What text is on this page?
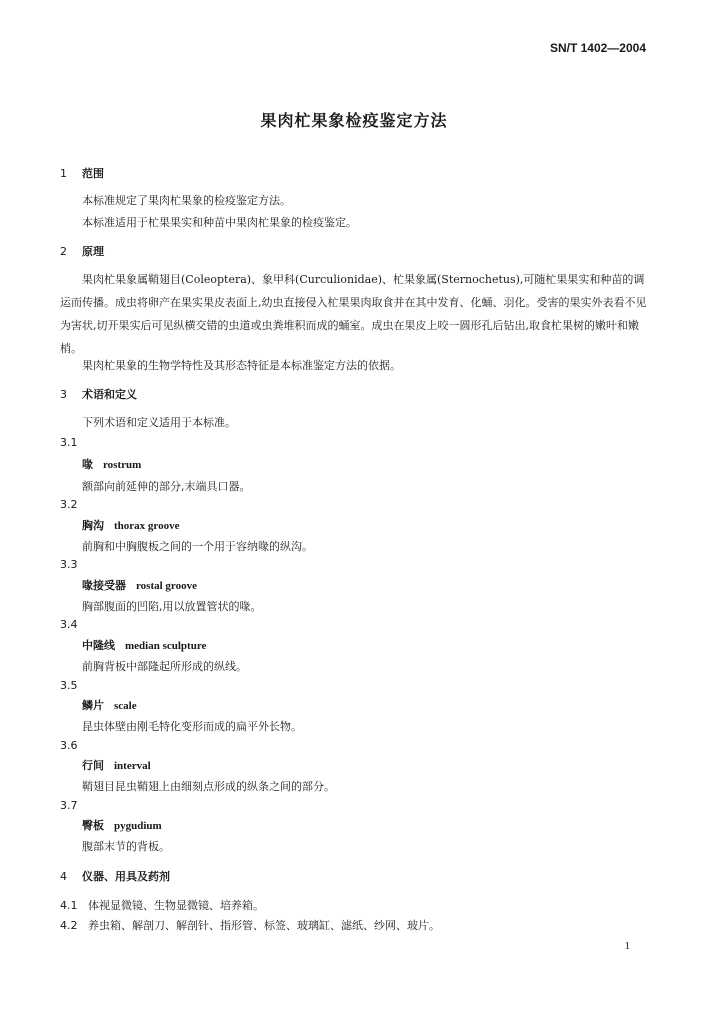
SN/T 1402—2004
果肉杧果象检疫鉴定方法
1 范围
本标准规定了果肉杧果象的检疫鉴定方法。
本标准适用于杧果果实和种苗中果肉杧果象的检疫鉴定。
2 原理
果肉杧果象属鞘翅目(Coleoptera)、象甲科(Curculionidae)、杧果象属(Sternochetus),可随杧果果实和种苗的调运而传播。成虫将卵产在果实果皮表面上,幼虫直接侵入杧果果肉取食并在其中发育、化蛹、羽化。受害的果实外表看不见为害状,切开果实后可见纵横交错的虫道或虫粪堆积而成的蛹室。成虫在果皮上咬一圆形孔后钻出,取食杧果树的嫩叶和嫩梢。
果肉杧果象的生物学特性及其形态特征是本标准鉴定方法的依据。
3 术语和定义
下列术语和定义适用于本标准。
3.1
喙 rostrum
额部向前延伸的部分,末端具口器。
3.2
胸沟 thorax groove
前胸和中胸腹板之间的一个用于容纳喙的纵沟。
3.3
喙接受器 rostal groove
胸部腹面的凹陷,用以放置管状的喙。
3.4
中隆线 median sculpture
前胸背板中部隆起所形成的纵线。
3.5
鳞片 scale
昆虫体壁由刚毛特化变形而成的扁平外长物。
3.6
行间 interval
鞘翅目昆虫鞘翅上由细刻点形成的纵条之间的部分。
3.7
臀板 pygudium
腹部末节的背板。
4 仪器、用具及药剂
4.1 体视显微镜、生物显微镜、培养箱。
4.2 养虫箱、解剖刀、解剖针、指形管、标签、玻璃缸、滤纸、纱网、玻片。
1
